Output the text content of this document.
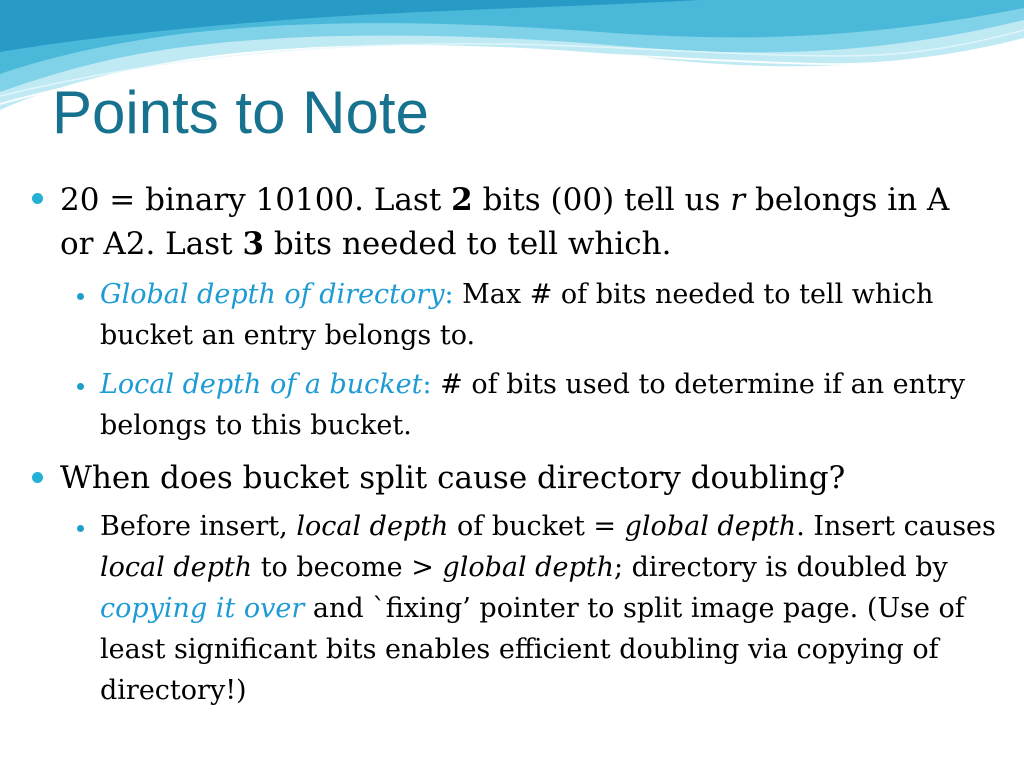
Points to Note

20 = binary 10100. Last 2 bits (00) tell us r belongs in A or A2. Last 3 bits needed to tell which.

Global depth of directory: Max # of bits needed to tell which bucket an entry belongs to.

Local depth of a bucket: # of bits used to determine if an entry belongs to this bucket.

When does bucket split cause directory doubling?

Before insert, local depth of bucket = global depth. Insert causes local depth to become > global depth; directory is doubled by copying it over and `fixing’ pointer to split image page. (Use of least significant bits enables efficient doubling via copying of directory!)
